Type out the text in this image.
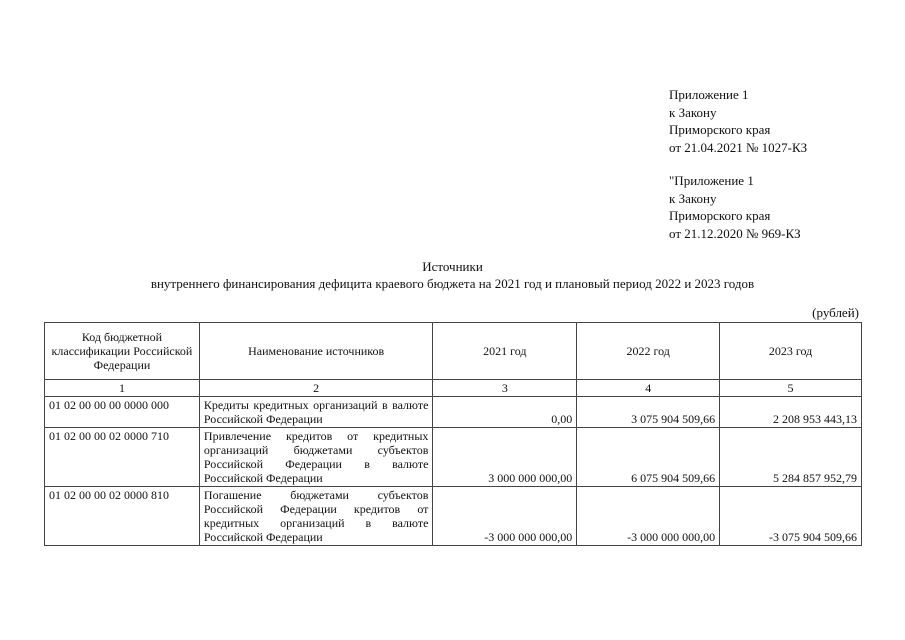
Приложение 1
к Закону
Приморского края
от 21.04.2021 № 1027-КЗ
"Приложение 1
к Закону
Приморского края
от 21.12.2020 № 969-КЗ
Источники
внутреннего финансирования дефицита краевого бюджета на 2021 год и плановый период 2022 и 2023 годов
(рублей)
Код бюджетной классификации Российской Федерации	Наименование источников	2021 год	2022 год	2023 год
1	2	3	4	5
01 02 00 00 00 0000 000	Кредиты кредитных организаций в валюте Российской Федерации	0,00	3 075 904 509,66	2 208 953 443,13
01 02 00 00 02 0000 710	Привлечение кредитов от кредитных организаций бюджетами субъектов Российской Федерации в валюте Российской Федерации	3 000 000 000,00	6 075 904 509,66	5 284 857 952,79
01 02 00 00 02 0000 810	Погашение бюджетами субъектов Российской Федерации кредитов от кредитных организаций в валюте Российской Федерации	-3 000 000 000,00	-3 000 000 000,00	-3 075 904 509,66
